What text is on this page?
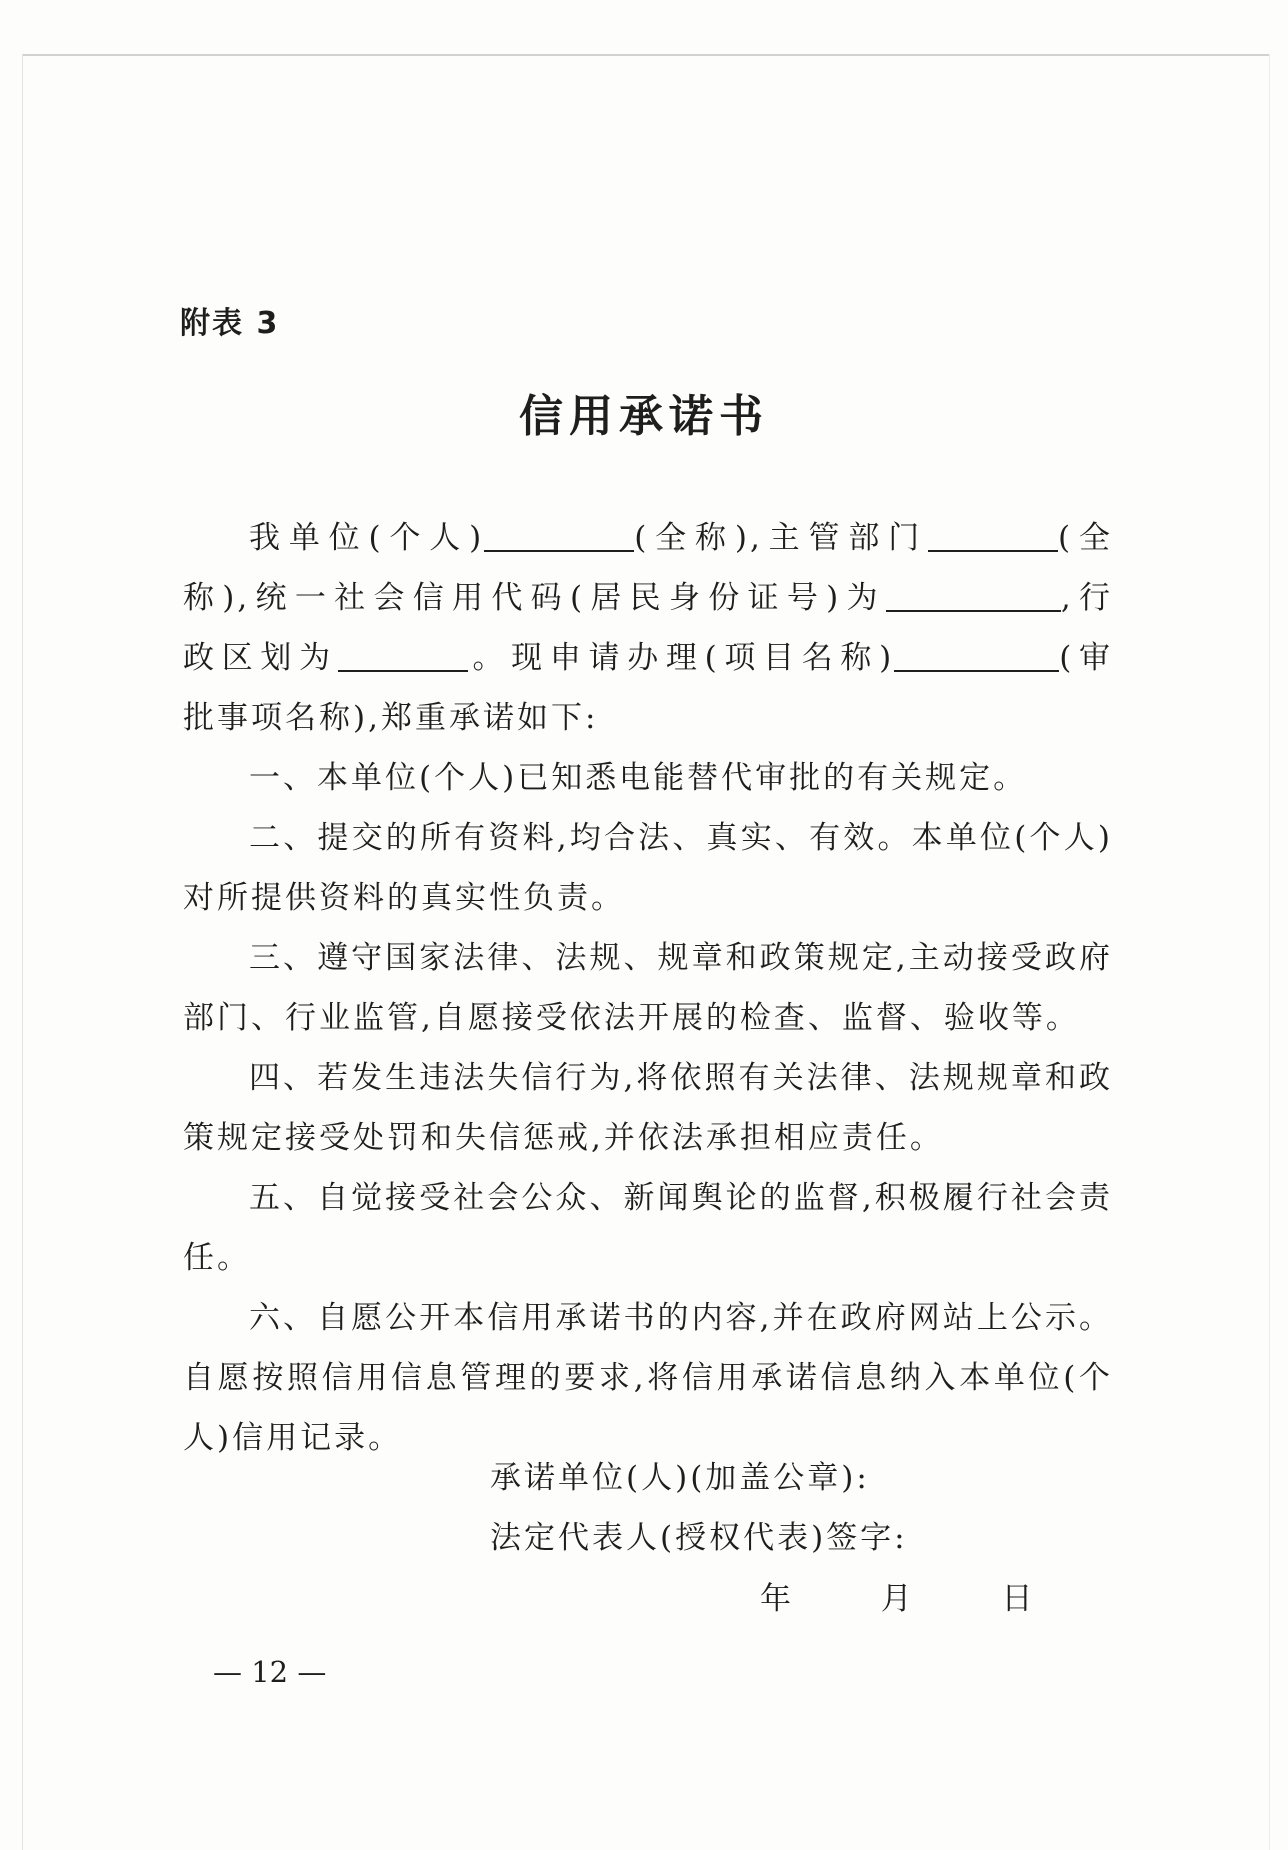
附表 3
信用承诺书
我单位(个人)	(全称),主管部门	(全
称),统一社会信用代码(居民身份证号)为	,行
政区划为	。现申请办理(项目名称)	(审
批事项名称),郑重承诺如下:

一、本单位(个人)已知悉电能替代审批的有关规定。

二、提交的所有资料,均合法、真实、有效。本单位(个人)对所提供资料的真实性负责。

三、遵守国家法律、法规、规章和政策规定,主动接受政府部门、行业监管,自愿接受依法开展的检查、监督、验收等。

四、若发生违法失信行为,将依照有关法律、法规规章和政策规定接受处罚和失信惩戒,并依法承担相应责任。

五、自觉接受社会公众、新闻舆论的监督,积极履行社会责任。

六、自愿公开本信用承诺书的内容,并在政府网站上公示。自愿按照信用信息管理的要求,将信用承诺信息纳入本单位(个人)信用记录。

承诺单位(人)(加盖公章):
法定代表人(授权代表)签字:
年	月	日
— 12 —
